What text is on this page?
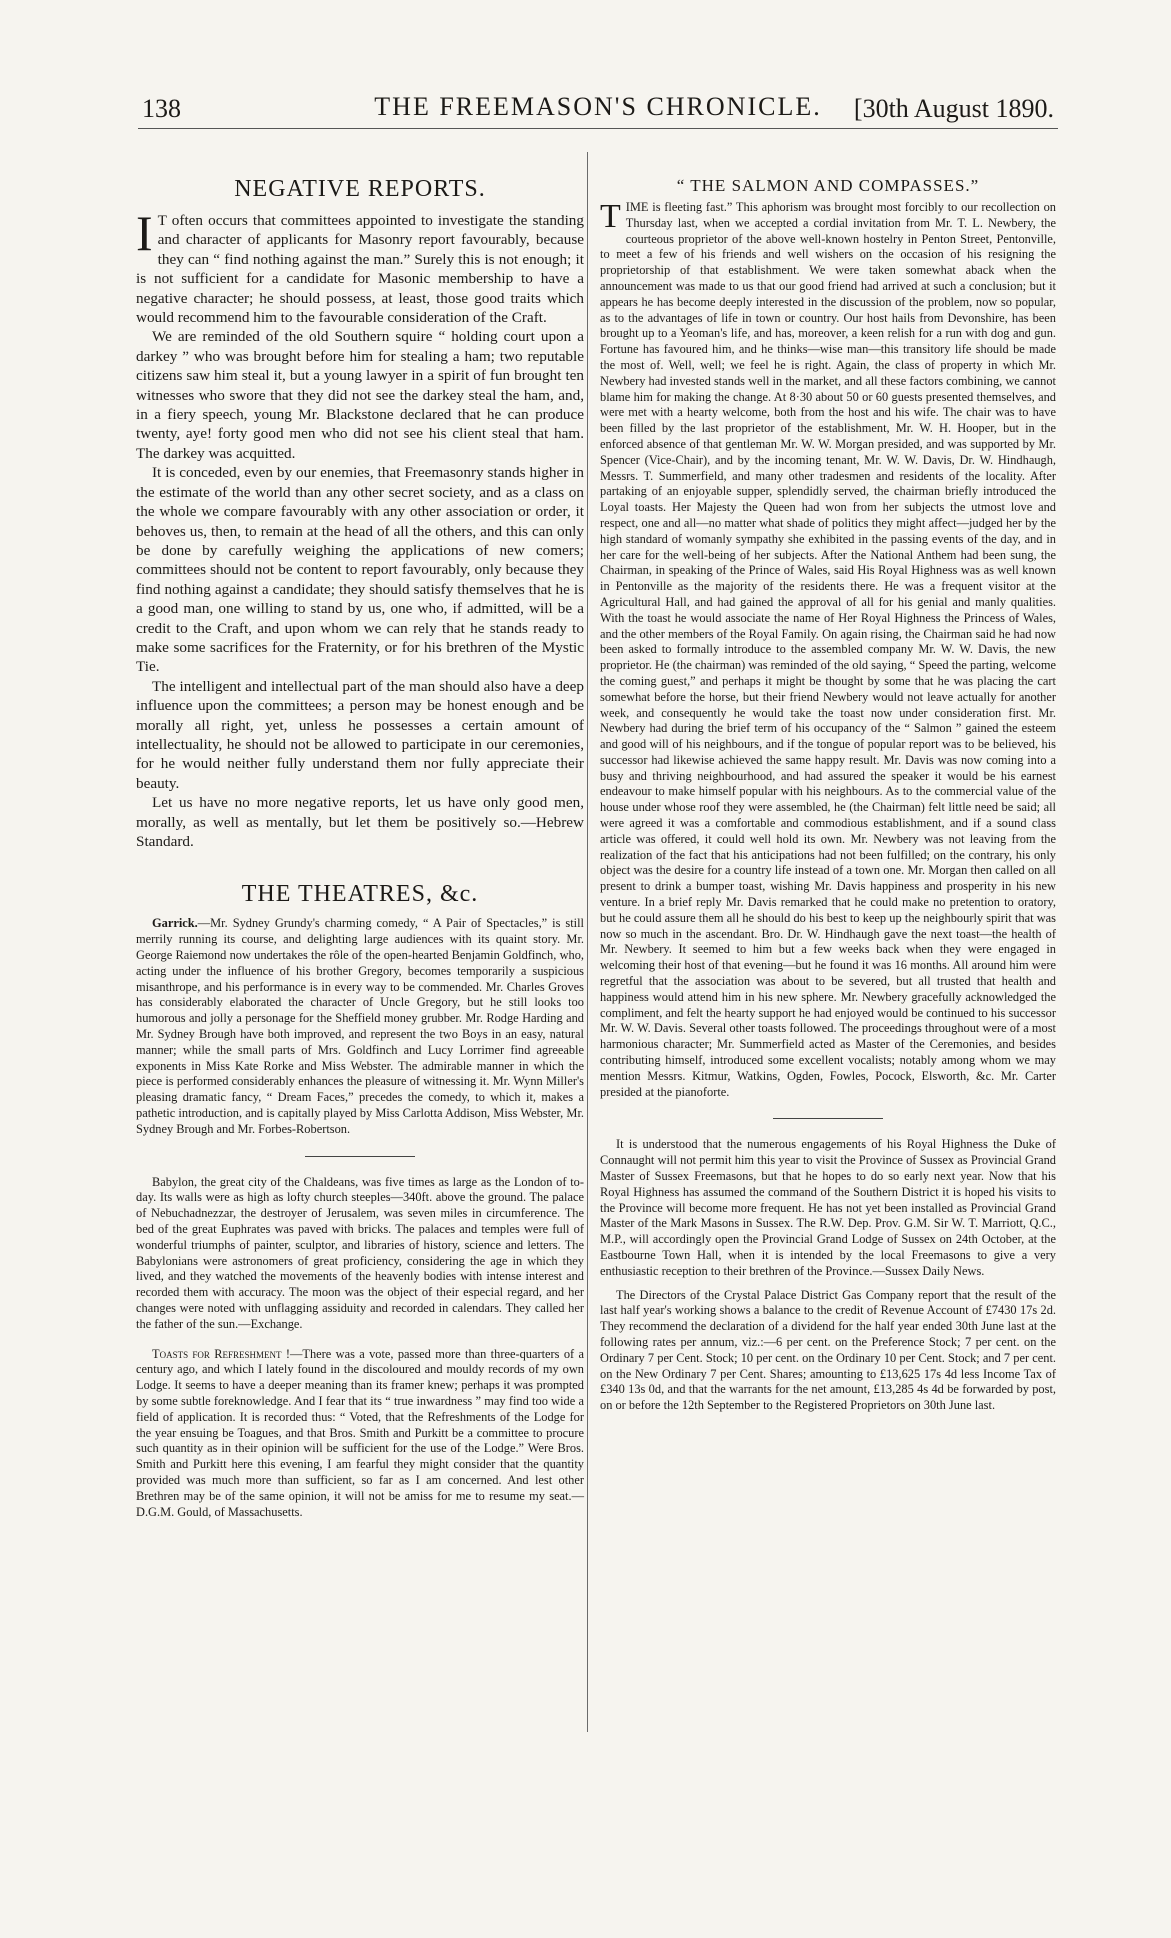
138	THE FREEMASON'S CHRONICLE.	[30th August 1890.
NEGATIVE REPORTS.

I T often occurs that committees appointed to investigate the standing and character of applicants for Masonry report favourably, because they can “ find nothing against the man.” Surely this is not enough; it is not sufficient for a candidate for Masonic membership to have a negative character; he should possess, at least, those good traits which would recommend him to the favourable consideration of the Craft.

We are reminded of the old Southern squire “ holding court upon a darkey ” who was brought before him for stealing a ham; two reputable citizens saw him steal it, but a young lawyer in a spirit of fun brought ten witnesses who swore that they did not see the darkey steal the ham, and, in a fiery speech, young Mr. Blackstone declared that he can produce twenty, aye! forty good men who did not see his client steal that ham. The darkey was acquitted.

It is conceded, even by our enemies, that Freemasonry stands higher in the estimate of the world than any other secret society, and as a class on the whole we compare favourably with any other association or order, it behoves us, then, to remain at the head of all the others, and this can only be done by carefully weighing the applications of new comers; committees should not be content to report favourably, only because they find nothing against a candidate; they should satisfy themselves that he is a good man, one willing to stand by us, one who, if admitted, will be a credit to the Craft, and upon whom we can rely that he stands ready to make some sacrifices for the Fraternity, or for his brethren of the Mystic Tie.

The intelligent and intellectual part of the man should also have a deep influence upon the committees; a person may be honest enough and be morally all right, yet, unless he possesses a certain amount of intellectuality, he should not be allowed to participate in our ceremonies, for he would neither fully understand them nor fully appreciate their beauty.

Let us have no more negative reports, let us have only good men, morally, as well as mentally, but let them be positively so.—Hebrew Standard.

THE THEATRES, &c.

Garrick.—Mr. Sydney Grundy's charming comedy, “ A Pair of Spectacles,” is still merrily running its course, and delighting large audiences with its quaint story. Mr. George Raiemond now undertakes the rôle of the open-hearted Benjamin Goldfinch, who, acting under the influence of his brother Gregory, becomes temporarily a suspicious misanthrope, and his performance is in every way to be commended. Mr. Charles Groves has considerably elaborated the character of Uncle Gregory, but he still looks too humorous and jolly a personage for the Sheffield money grubber. Mr. Rodge Harding and Mr. Sydney Brough have both improved, and represent the two Boys in an easy, natural manner; while the small parts of Mrs. Goldfinch and Lucy Lorrimer find agreeable exponents in Miss Kate Rorke and Miss Webster. The admirable manner in which the piece is performed considerably enhances the pleasure of witnessing it. Mr. Wynn Miller's pleasing dramatic fancy, “ Dream Faces,” precedes the comedy, to which it, makes a pathetic introduction, and is capitally played by Miss Carlotta Addison, Miss Webster, Mr. Sydney Brough and Mr. Forbes-Robertson.

Babylon, the great city of the Chaldeans, was five times as large as the London of to-day. Its walls were as high as lofty church steeples—340ft. above the ground. The palace of Nebuchadnezzar, the destroyer of Jerusalem, was seven miles in circumference. The bed of the great Euphrates was paved with bricks. The palaces and temples were full of wonderful triumphs of painter, sculptor, and libraries of history, science and letters. The Babylonians were astronomers of great proficiency, considering the age in which they lived, and they watched the movements of the heavenly bodies with intense interest and recorded them with accuracy. The moon was the object of their especial regard, and her changes were noted with unflagging assiduity and recorded in calendars. They called her the father of the sun.—Exchange.

Toasts for Refreshment !—There was a vote, passed more than three-quarters of a century ago, and which I lately found in the discoloured and mouldy records of my own Lodge. It seems to have a deeper meaning than its framer knew; perhaps it was prompted by some subtle foreknowledge. And I fear that its “ true inwardness ” may find too wide a field of application. It is recorded thus: “ Voted, that the Refreshments of the Lodge for the year ensuing be Toagues, and that Bros. Smith and Purkitt be a committee to procure such quantity as in their opinion will be sufficient for the use of the Lodge.” Were Bros. Smith and Purkitt here this evening, I am fearful they might consider that the quantity provided was much more than sufficient, so far as I am concerned. And lest other Brethren may be of the same opinion, it will not be amiss for me to resume my seat.—D.G.M. Gould, of Massachusetts.

“ THE SALMON AND COMPASSES.”

TIME is fleeting fast.” This aphorism was brought most forcibly to our recollection on Thursday last, when we accepted a cordial invitation from Mr. T. L. Newbery, the courteous proprietor of the above well-known hostelry in Penton Street, Pentonville, to meet a few of his friends and well wishers on the occasion of his resigning the proprietorship of that establishment. We were taken somewhat aback when the announcement was made to us that our good friend had arrived at such a conclusion; but it appears he has become deeply interested in the discussion of the problem, now so popular, as to the advantages of life in town or country. Our host hails from Devonshire, has been brought up to a Yeoman's life, and has, moreover, a keen relish for a run with dog and gun. Fortune has favoured him, and he thinks—wise man—this transitory life should be made the most of. Well, well; we feel he is right. Again, the class of property in which Mr. Newbery had invested stands well in the market, and all these factors combining, we cannot blame him for making the change. At 8·30 about 50 or 60 guests presented themselves, and were met with a hearty welcome, both from the host and his wife. The chair was to have been filled by the last proprietor of the establishment, Mr. W. H. Hooper, but in the enforced absence of that gentleman Mr. W. W. Morgan presided, and was supported by Mr. Spencer (Vice-Chair), and by the incoming tenant, Mr. W. W. Davis, Dr. W. Hindhaugh, Messrs. T. Summerfield, and many other tradesmen and residents of the locality. After partaking of an enjoyable supper, splendidly served, the chairman briefly introduced the Loyal toasts. Her Majesty the Queen had won from her subjects the utmost love and respect, one and all—no matter what shade of politics they might affect—judged her by the high standard of womanly sympathy she exhibited in the passing events of the day, and in her care for the well-being of her subjects. After the National Anthem had been sung, the Chairman, in speaking of the Prince of Wales, said His Royal Highness was as well known in Pentonville as the majority of the residents there. He was a frequent visitor at the Agricultural Hall, and had gained the approval of all for his genial and manly qualities. With the toast he would associate the name of Her Royal Highness the Princess of Wales, and the other members of the Royal Family. On again rising, the Chairman said he had now been asked to formally introduce to the assembled company Mr. W. W. Davis, the new proprietor. He (the chairman) was reminded of the old saying, “ Speed the parting, welcome the coming guest,” and perhaps it might be thought by some that he was placing the cart somewhat before the horse, but their friend Newbery would not leave actually for another week, and consequently he would take the toast now under consideration first. Mr. Newbery had during the brief term of his occupancy of the “ Salmon ” gained the esteem and good will of his neighbours, and if the tongue of popular report was to be believed, his successor had likewise achieved the same happy result. Mr. Davis was now coming into a busy and thriving neighbourhood, and had assured the speaker it would be his earnest endeavour to make himself popular with his neighbours. As to the commercial value of the house under whose roof they were assembled, he (the Chairman) felt little need be said; all were agreed it was a comfortable and commodious establishment, and if a sound class article was offered, it could well hold its own. Mr. Newbery was not leaving from the realization of the fact that his anticipations had not been fulfilled; on the contrary, his only object was the desire for a country life instead of a town one. Mr. Morgan then called on all present to drink a bumper toast, wishing Mr. Davis happiness and prosperity in his new venture. In a brief reply Mr. Davis remarked that he could make no pretention to oratory, but he could assure them all he should do his best to keep up the neighbourly spirit that was now so much in the ascendant. Bro. Dr. W. Hindhaugh gave the next toast—the health of Mr. Newbery. It seemed to him but a few weeks back when they were engaged in welcoming their host of that evening—but he found it was 16 months. All around him were regretful that the association was about to be severed, but all trusted that health and happiness would attend him in his new sphere. Mr. Newbery gracefully acknowledged the compliment, and felt the hearty support he had enjoyed would be continued to his successor Mr. W. W. Davis. Several other toasts followed. The proceedings throughout were of a most harmonious character; Mr. Summerfield acted as Master of the Ceremonies, and besides contributing himself, introduced some excellent vocalists; notably among whom we may mention Messrs. Kitmur, Watkins, Ogden, Fowles, Pocock, Elsworth, &c. Mr. Carter presided at the pianoforte.

It is understood that the numerous engagements of his Royal Highness the Duke of Connaught will not permit him this year to visit the Province of Sussex as Provincial Grand Master of Sussex Freemasons, but that he hopes to do so early next year. Now that his Royal Highness has assumed the command of the Southern District it is hoped his visits to the Province will become more frequent. He has not yet been installed as Provincial Grand Master of the Mark Masons in Sussex. The R.W. Dep. Prov. G.M. Sir W. T. Marriott, Q.C., M.P., will accordingly open the Provincial Grand Lodge of Sussex on 24th October, at the Eastbourne Town Hall, when it is intended by the local Freemasons to give a very enthusiastic reception to their brethren of the Province.—Sussex Daily News.

The Directors of the Crystal Palace District Gas Company report that the result of the last half year's working shows a balance to the credit of Revenue Account of £7430 17s 2d. They recommend the declaration of a dividend for the half year ended 30th June last at the following rates per annum, viz.:—6 per cent. on the Preference Stock; 7 per cent. on the Ordinary 7 per Cent. Stock; 10 per cent. on the Ordinary 10 per Cent. Stock; and 7 per cent. on the New Ordinary 7 per Cent. Shares; amounting to £13,625 17s 4d less Income Tax of £340 13s 0d, and that the warrants for the net amount, £13,285 4s 4d be forwarded by post, on or before the 12th September to the Registered Proprietors on 30th June last.
